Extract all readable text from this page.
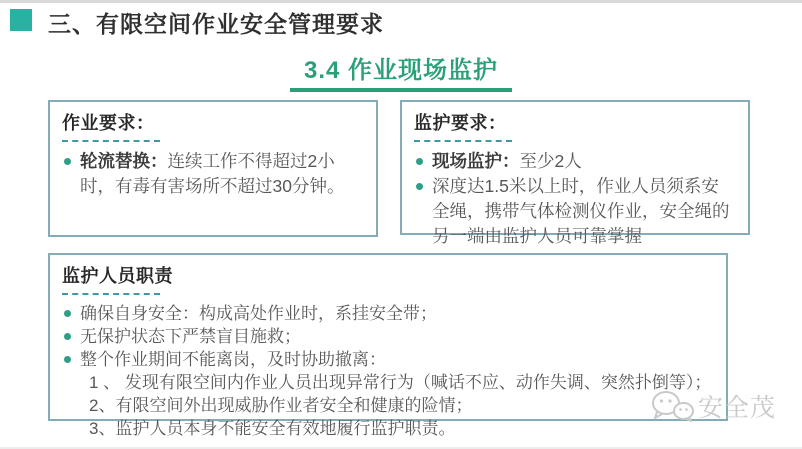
三、有限空间作业安全管理要求
3.4 作业现场监护
作业要求：

轮流替换：连续工作不得超过2小时，有毒有害场所不超过30分钟。

监护要求：

现场监护：至少2人

深度达1.5米以上时，作业人员须系安全绳，携带气体检测仪作业，安全绳的另一端由监护人员可靠掌握

监护人员职责

确保自身安全：构成高处作业时，系挂安全带；

无保护状态下严禁盲目施救；

整个作业期间不能离岗，及时协助撤离：

1 、 发现有限空间内作业人员出现异常行为（喊话不应、动作失调、突然扑倒等）；
2、有限空间外出现威胁作业者安全和健康的险情；
3、监护人员本身不能安全有效地履行监护职责。
安全茂
